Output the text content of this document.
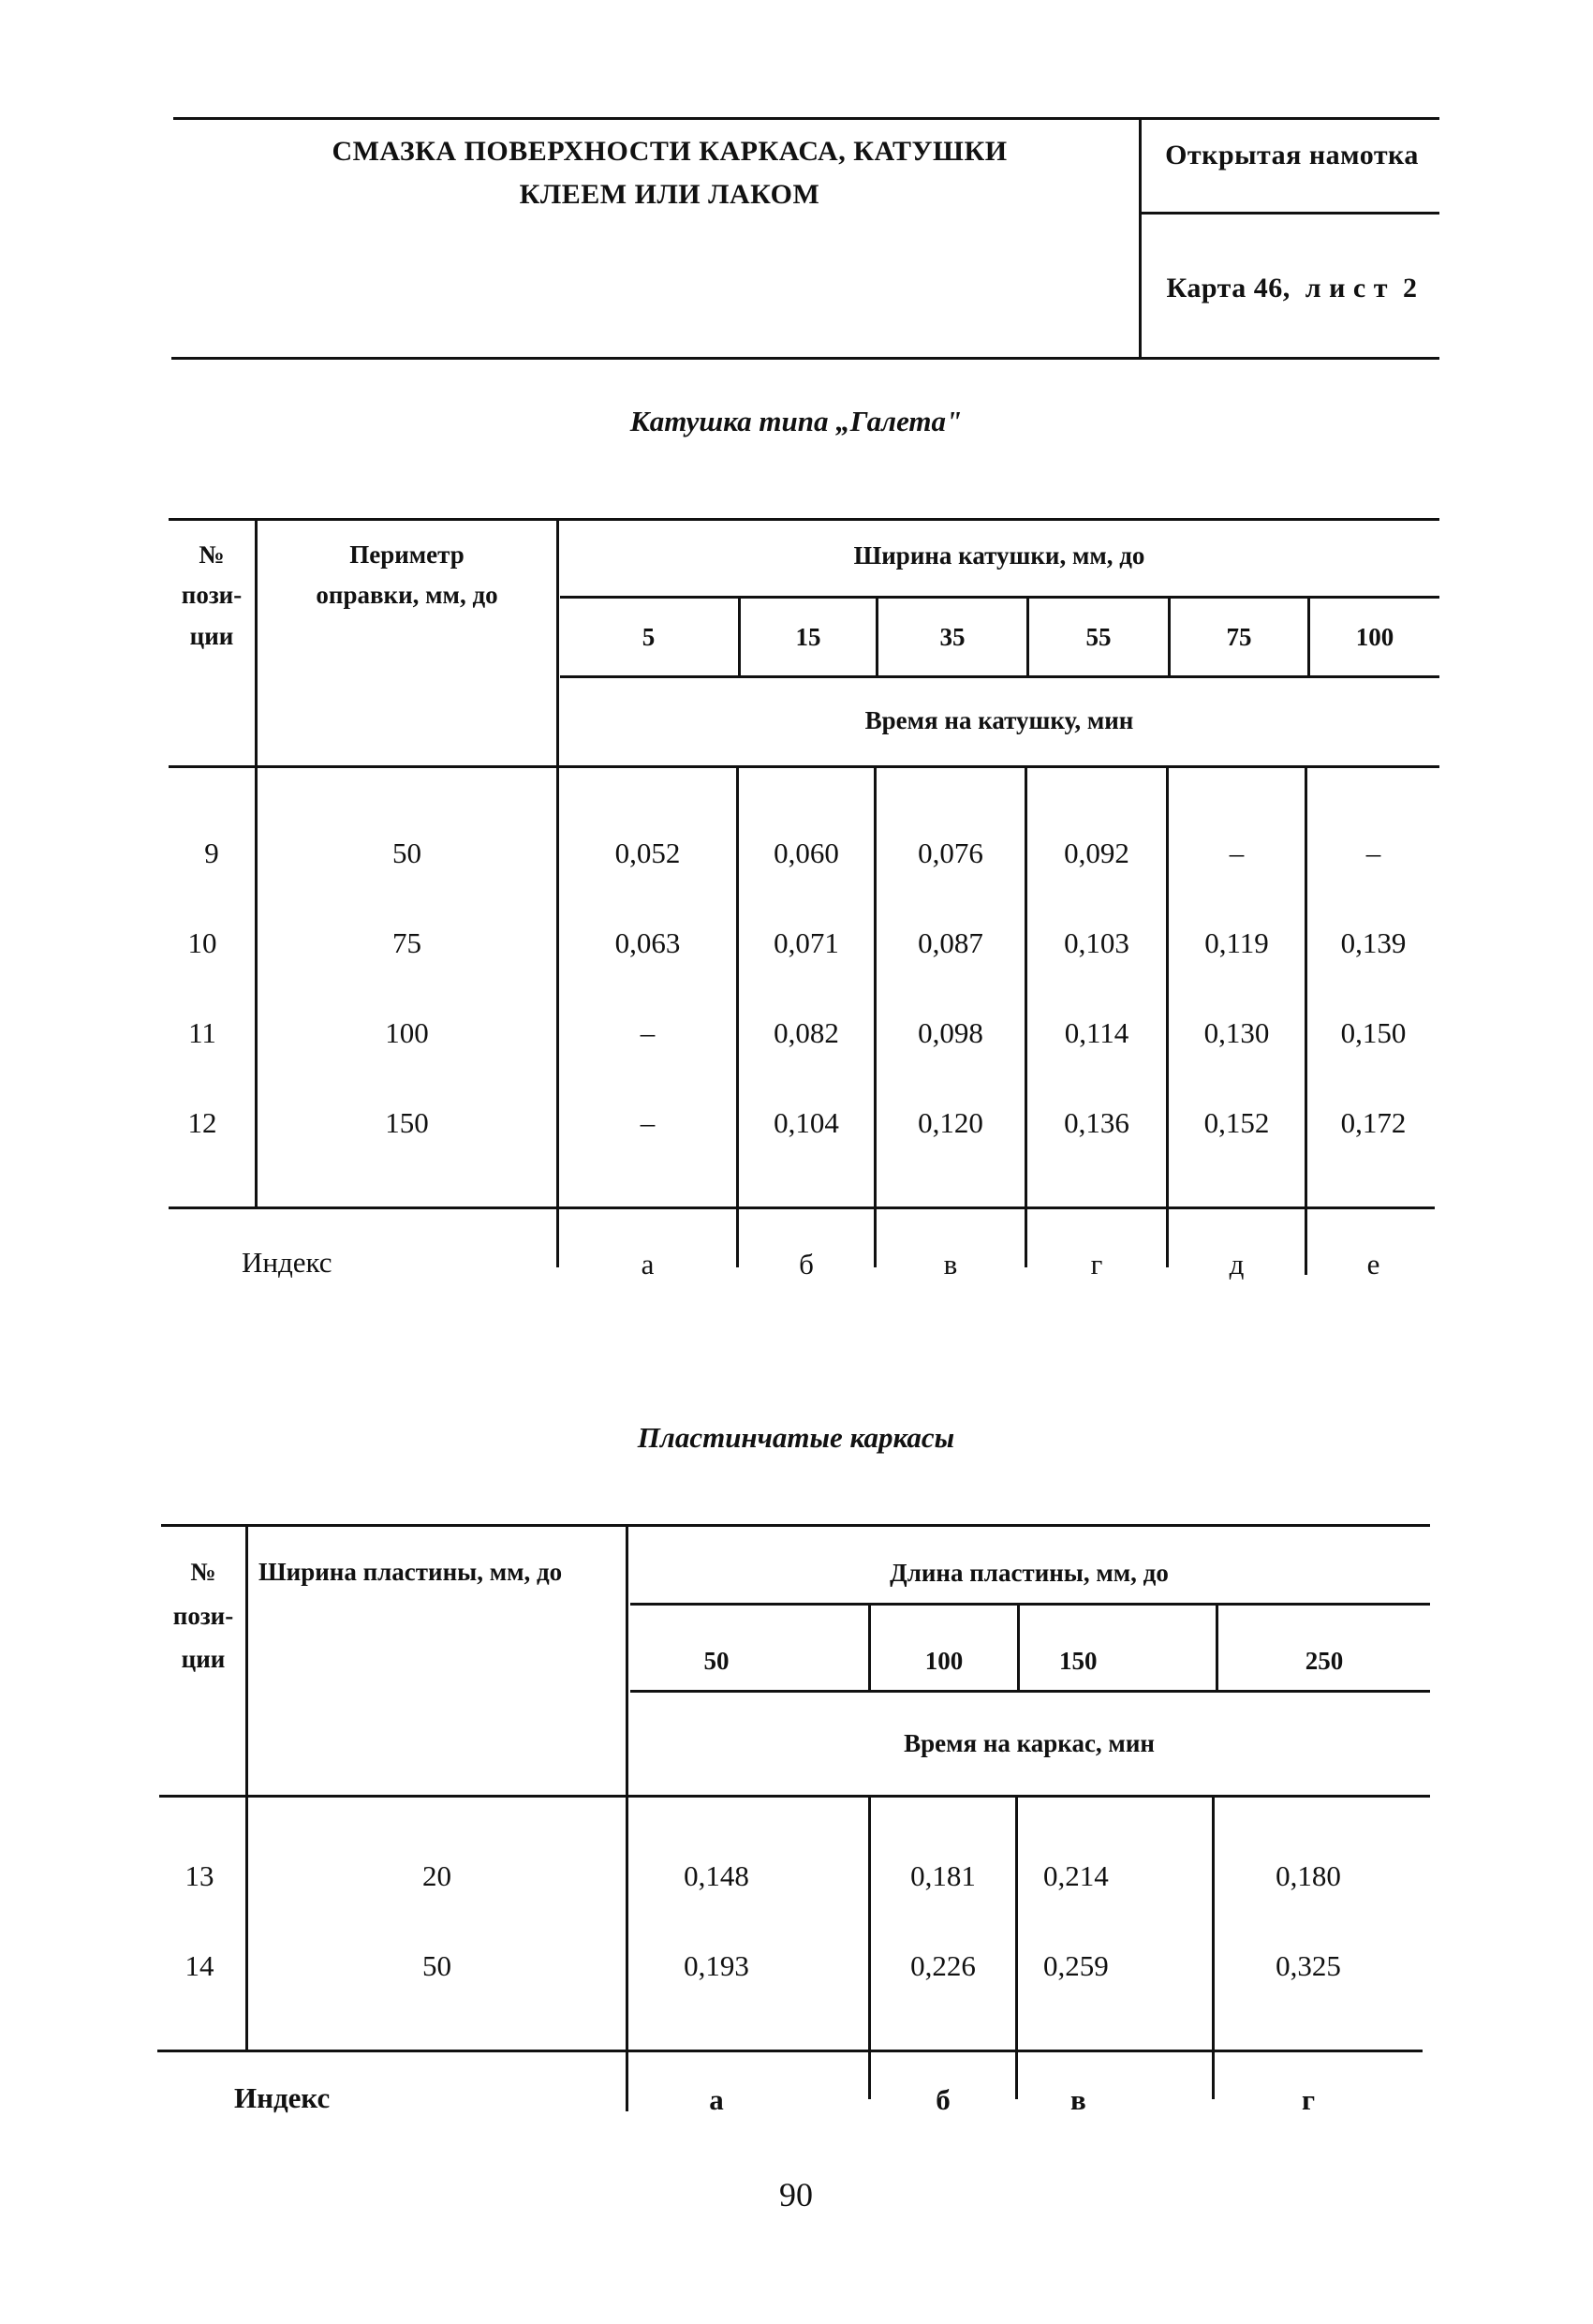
СМАЗКА ПОВЕРХНОСТИ КАРКАСА, КАТУШКИ
КЛЕЕМ ИЛИ ЛАКОМ
Открытая намотка
Карта 46,  л и с т  2
Катушка типа „Галета"
№
пози-
ции
Периметр
оправки, мм, до
Ширина катушки, мм, до
5	15	35	55	75	100
Время на катушку, мин
9	50	0,052	0,060	0,076	0,092	–	–
10	75	0,063	0,071	0,087	0,103	0,119	0,139
11	100	–	0,082	0,098	0,114	0,130	0,150
12	150	–	0,104	0,120	0,136	0,152	0,172
Индекс	а	б	в	г	д	е
Пластинчатые каркасы
№
пози-
ции
Ширина пластины, мм, до	Длина пластины, мм, до
50	100	150	250
Время на каркас, мин
13	20	0,148	0,181	0,214	0,180
14	50	0,193	0,226	0,259	0,325
Индекс	а	б	в	г
90
